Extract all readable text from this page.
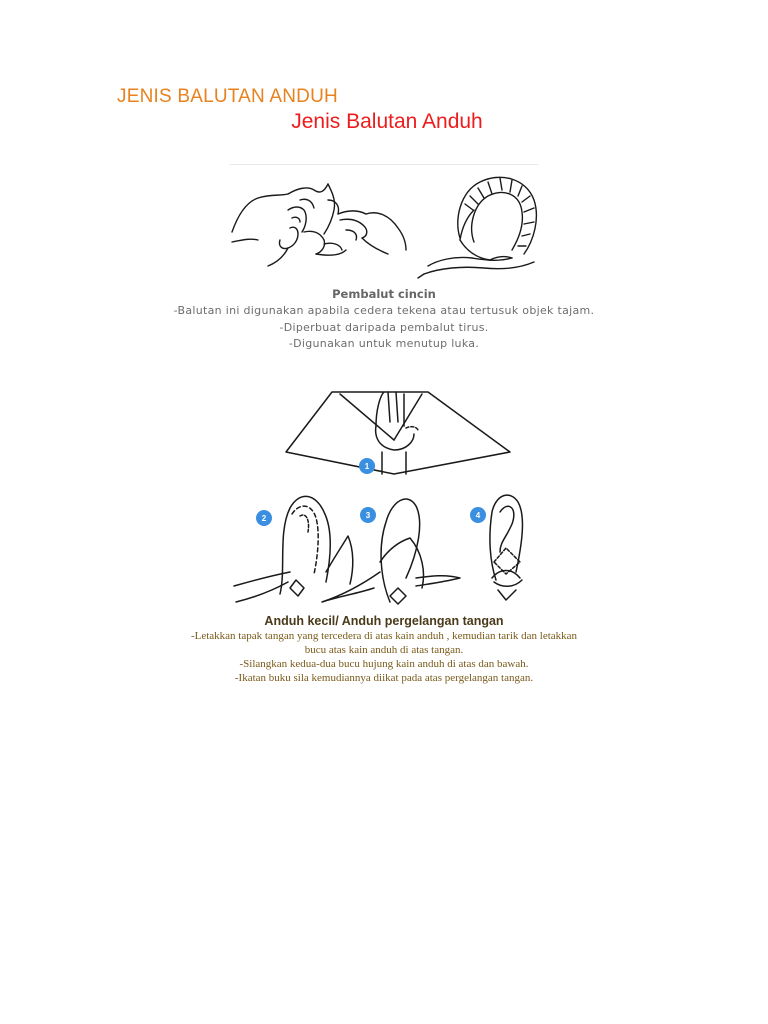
JENIS BALUTAN ANDUH
Jenis Balutan Anduh
Pembalut cincin
-Balutan ini digunakan apabila cedera tekena atau tertusuk objek tajam.
-Diperbuat daripada pembalut tirus.
-Digunakan untuk menutup luka.
1
2	3	4
Anduh kecil/ Anduh pergelangan tangan
-Letakkan tapak tangan yang tercedera di atas kain anduh , kemudian tarik dan letakkan
bucu atas kain anduh di atas tangan.
-Silangkan kedua-dua bucu hujung kain anduh di atas dan bawah.
-Ikatan buku sila kemudiannya diikat pada atas pergelangan tangan.
